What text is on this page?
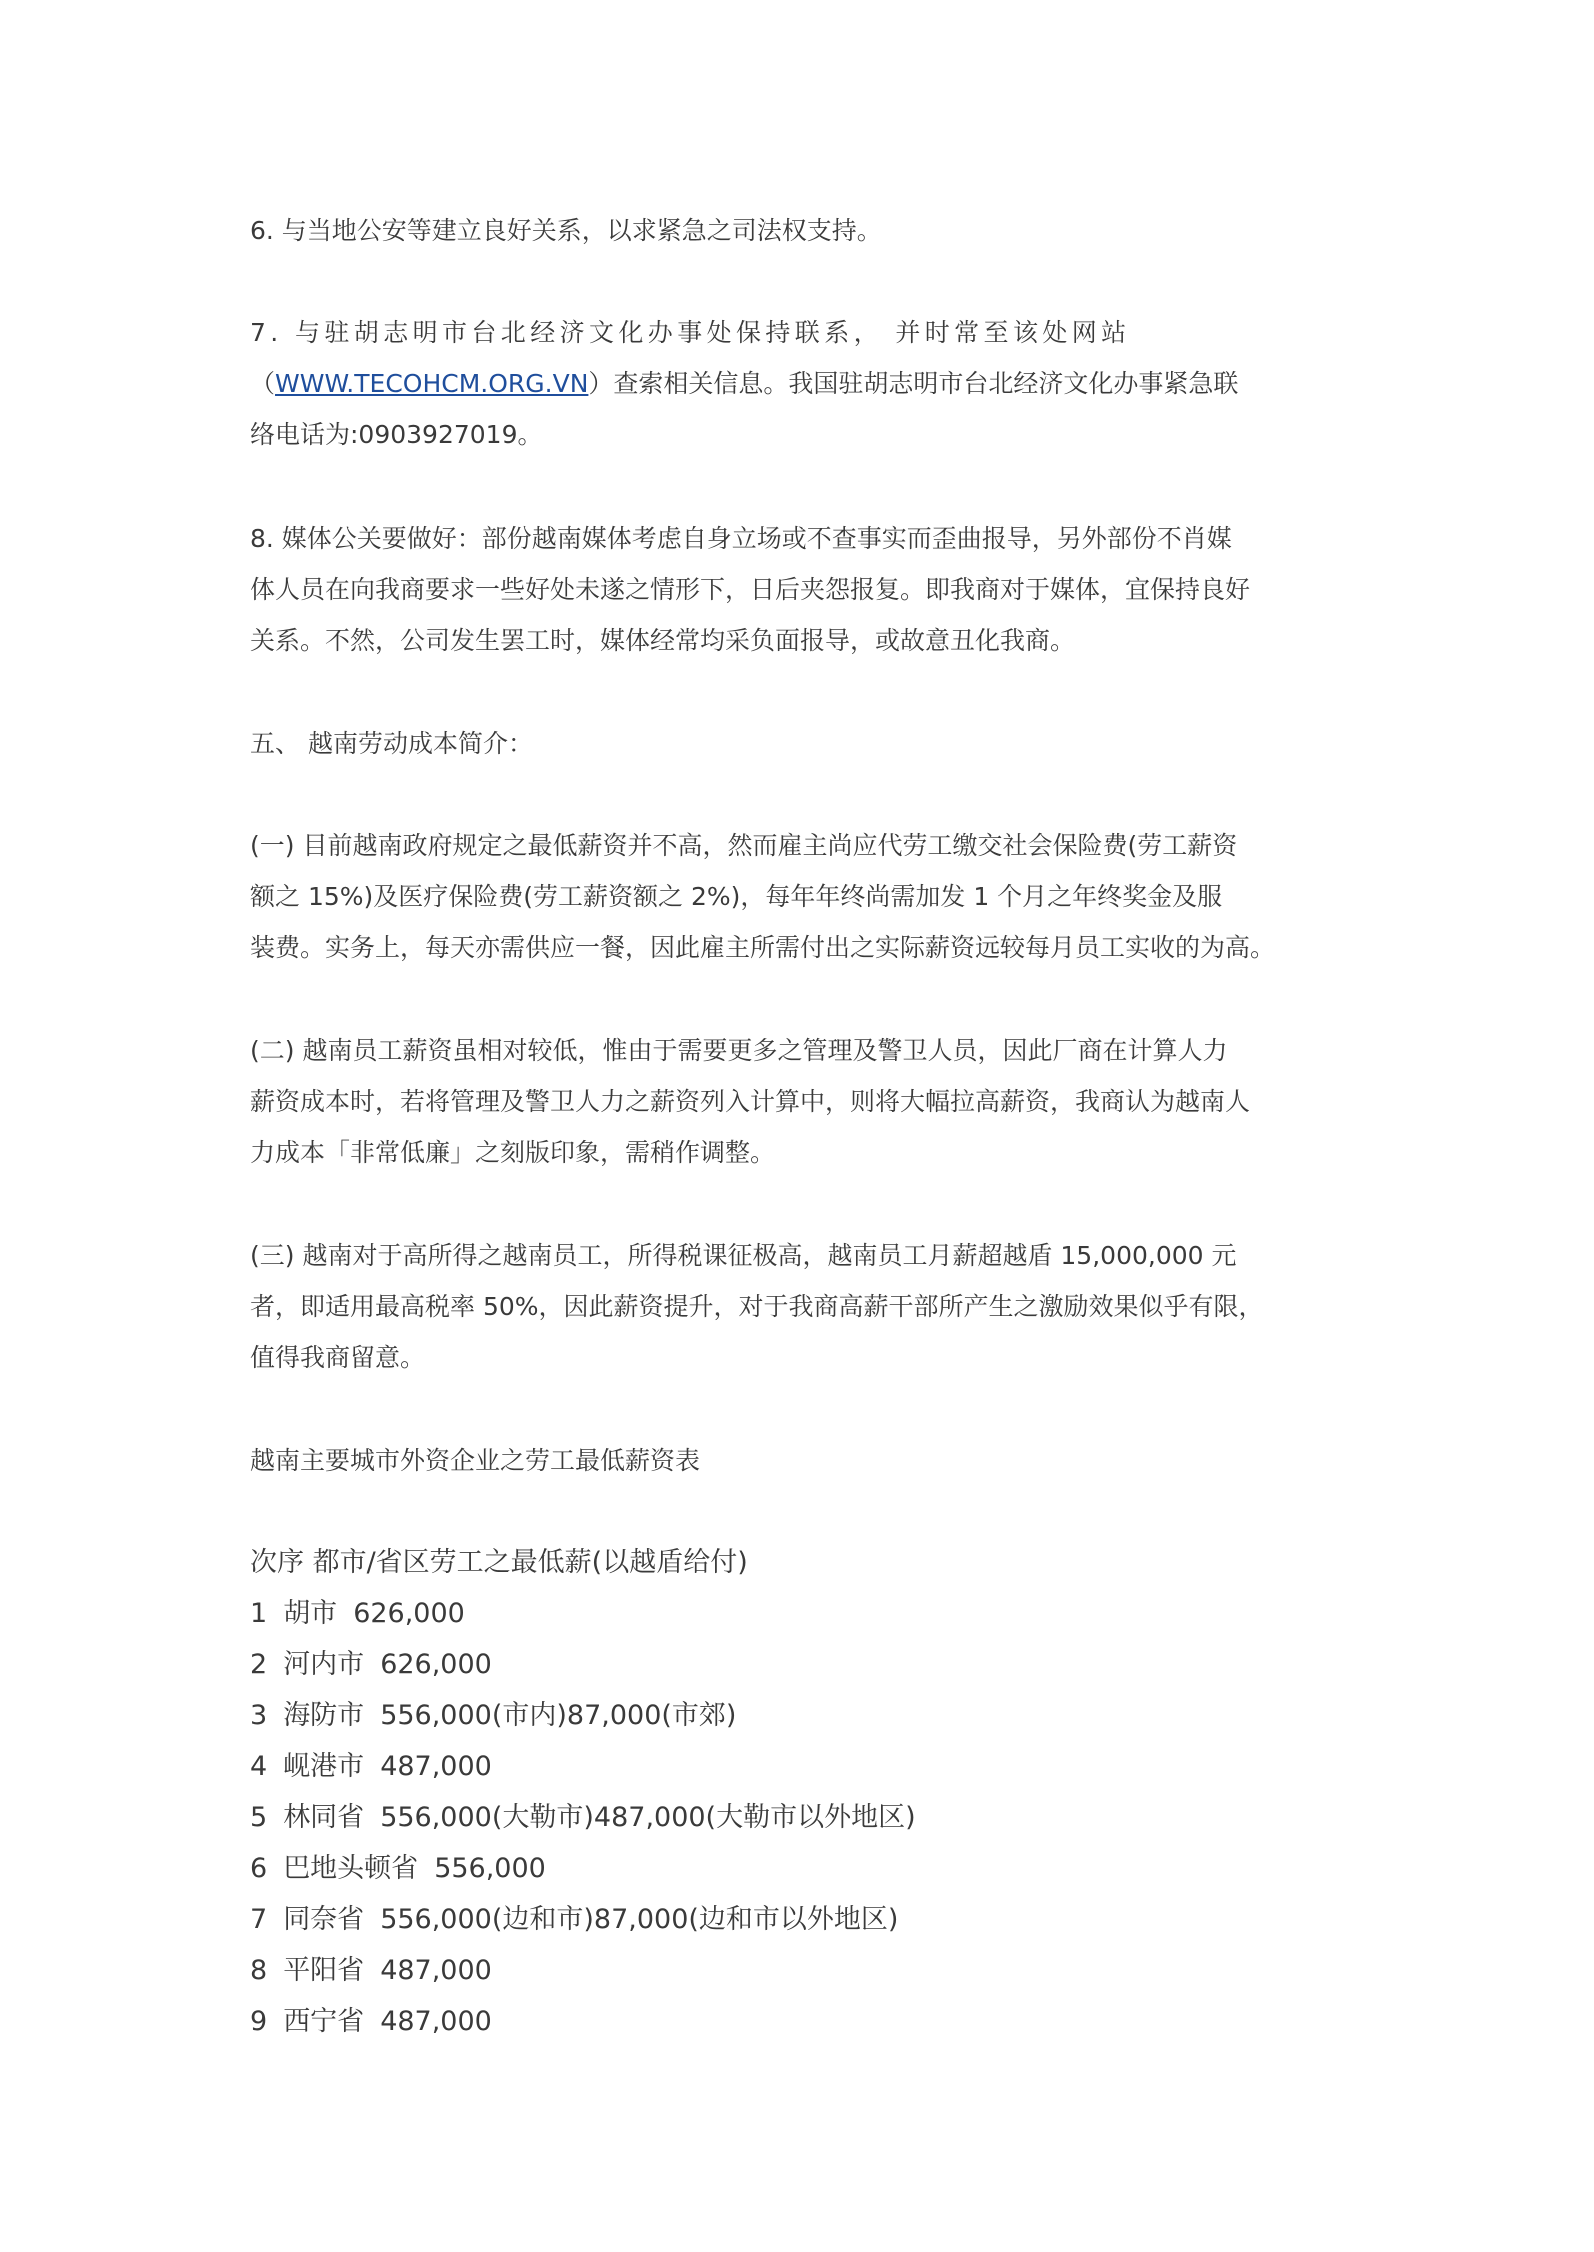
6. 与当地公安等建立良好关系，以求紧急之司法权支持。
7. 与驻胡志明市台北经济文化办事处保持联系， 并时常至该处网站
（WWW.TECOHCM.ORG.VN）查索相关信息。我国驻胡志明市台北经济文化办事紧急联
络电话为:0903927019。
8. 媒体公关要做好：部份越南媒体考虑自身立场或不查事实而歪曲报导，另外部份不肖媒
体人员在向我商要求一些好处未遂之情形下，日后夹怨报复。即我商对于媒体，宜保持良好
关系。不然，公司发生罢工时，媒体经常均采负面报导，或故意丑化我商。
五、 越南劳动成本简介：
(一) 目前越南政府规定之最低薪资并不高，然而雇主尚应代劳工缴交社会保险费(劳工薪资
额之 15%)及医疗保险费(劳工薪资额之 2%)，每年年终尚需加发 1 个月之年终奖金及服
装费。实务上，每天亦需供应一餐，因此雇主所需付出之实际薪资远较每月员工实收的为高。
(二) 越南员工薪资虽相对较低，惟由于需要更多之管理及警卫人员，因此厂商在计算人力
薪资成本时，若将管理及警卫人力之薪资列入计算中，则将大幅拉高薪资，我商认为越南人
力成本「非常低廉」之刻版印象，需稍作调整。
(三) 越南对于高所得之越南员工，所得税课征极高，越南员工月薪超越盾 15,000,000 元
者，即适用最高税率 50%，因此薪资提升，对于我商高薪干部所产生之激励效果似乎有限，
值得我商留意。
越南主要城市外资企业之劳工最低薪资表
次序 都市/省区劳工之最低薪(以越盾给付)
1 胡市 626,000
2 河内市 626,000
3 海防市 556,000(市内)87,000(市郊)
4 岘港市 487,000
5 林同省 556,000(大勒市)487,000(大勒市以外地区)
6 巴地头顿省 556,000
7 同奈省 556,000(边和市)87,000(边和市以外地区)
8 平阳省 487,000
9 西宁省 487,000
